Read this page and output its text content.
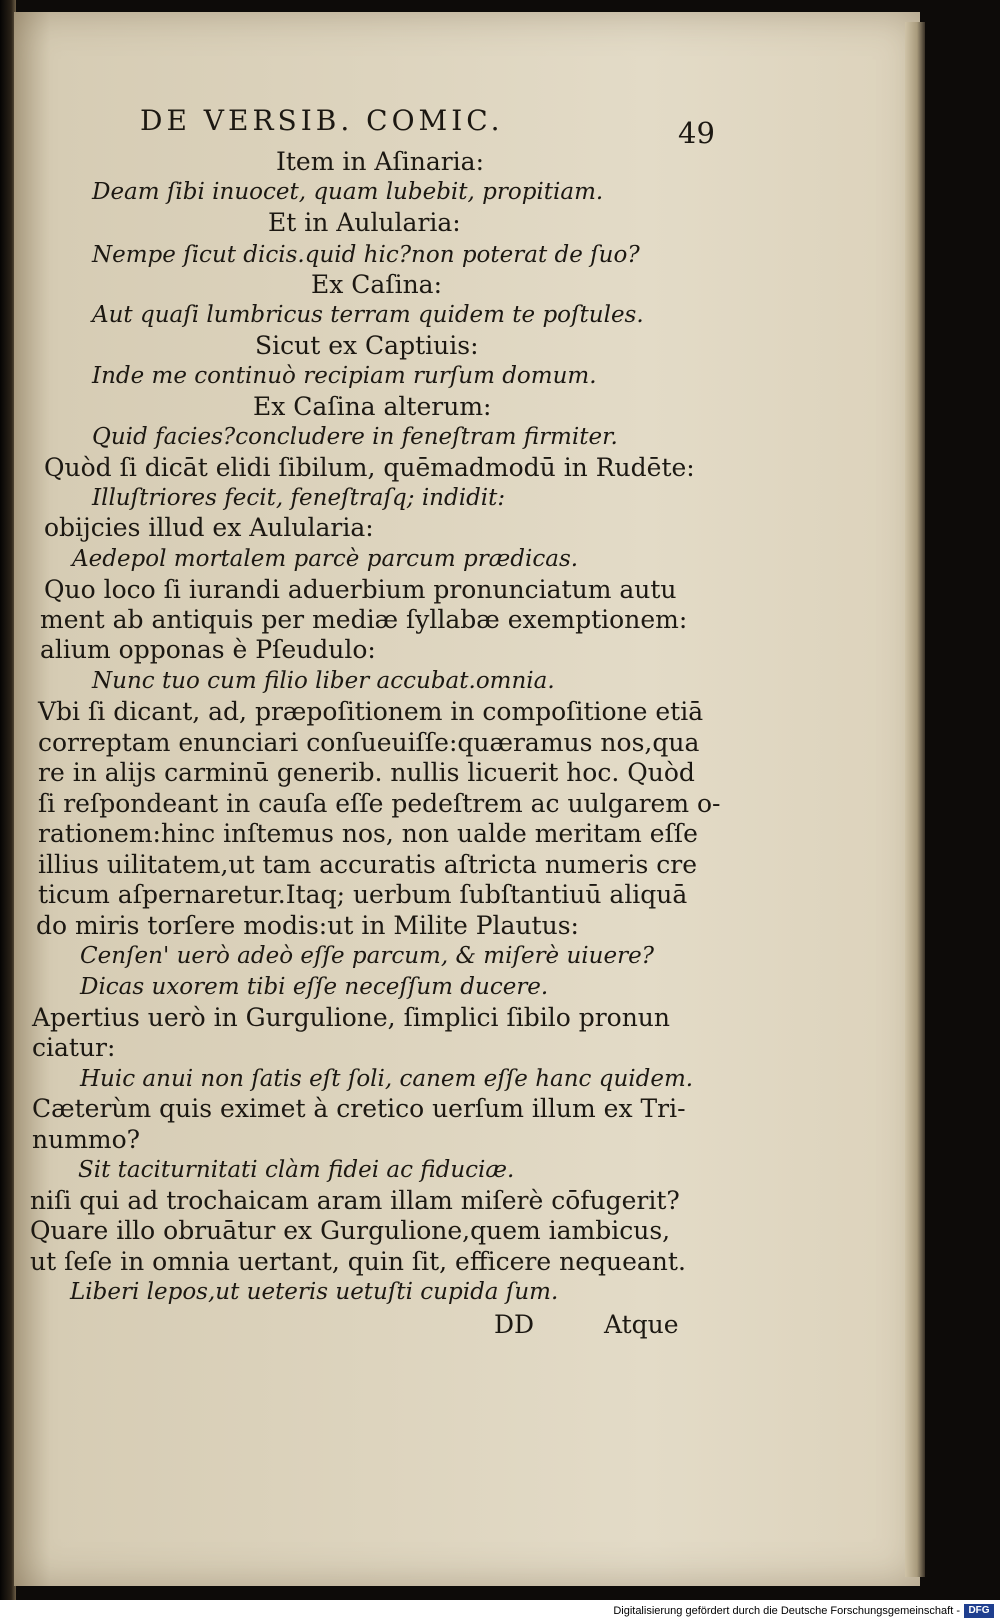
DE VERSIB. COMIC.	49
Item in Aſinaria:
Deam ſibi inuocet, quam lubebit, propitiam.
Et in Aulularia:
Nempe ſicut dicis.quid hic?non poterat de ſuo?
Ex Caſina:
Aut quaſi lumbricus terram quidem te poſtules.
Sicut ex Captiuis:
Inde me continuò recipiam rurſum domum.
Ex Caſina alterum:
Quid facies?concludere in feneſtram firmiter.
Quòd ſi dicāt elidi ſibilum, quēmadmodū in Rudēte:
Illuſtriores fecit, feneſtraſq; indidit:
obijcies illud ex Aulularia:
Aedepol mortalem parcè parcum prædicas.
Quo loco ſi iurandi aduerbium pronunciatum autu
ment ab antiquis per mediæ ſyllabæ exemptionem:
alium opponas è Pſeudulo:
Nunc tuo cum filio liber accubat.omnia.
Vbi ſi dicant, ad, præpoſitionem in compoſitione etiā
correptam enunciari conſueuiſſe:quæramus nos,qua
re in alijs carminū generib. nullis licuerit hoc. Quòd
ſi reſpondeant in cauſa eſſe pedeſtrem ac uulgarem o-
rationem:hinc inſtemus nos, non ualde meritam eſſe
illius uilitatem,ut tam accuratis aſtricta numeris cre
ticum aſpernaretur.Itaq; uerbum ſubſtantiuū aliquā
do miris torſere modis:ut in Milite Plautus:
Cenſen' uerò adeò eſſe parcum, & miſerè uiuere?
Dicas uxorem tibi eſſe neceſſum ducere.
Apertius uerò in Gurgulione, ſimplici ſibilo pronun
ciatur:
Huic anui non ſatis eſt ſoli, canem eſſe hanc quidem.
Cæterùm quis eximet à cretico uerſum illum ex Tri-
nummo?
Sit taciturnitati clàm fidei ac fiduciæ.
niſi qui ad trochaicam aram illam miſerè cōfugerit?
Quare illo obruātur ex Gurgulione,quem iambicus,
ut ſeſe in omnia uertant, quin ſit, efficere nequeant.
Liberi lepos,ut ueteris uetuſti cupida ſum.
DD	Atque
Digitalisierung gefördert durch die Deutsche Forschungsgemeinschaft - DFG
